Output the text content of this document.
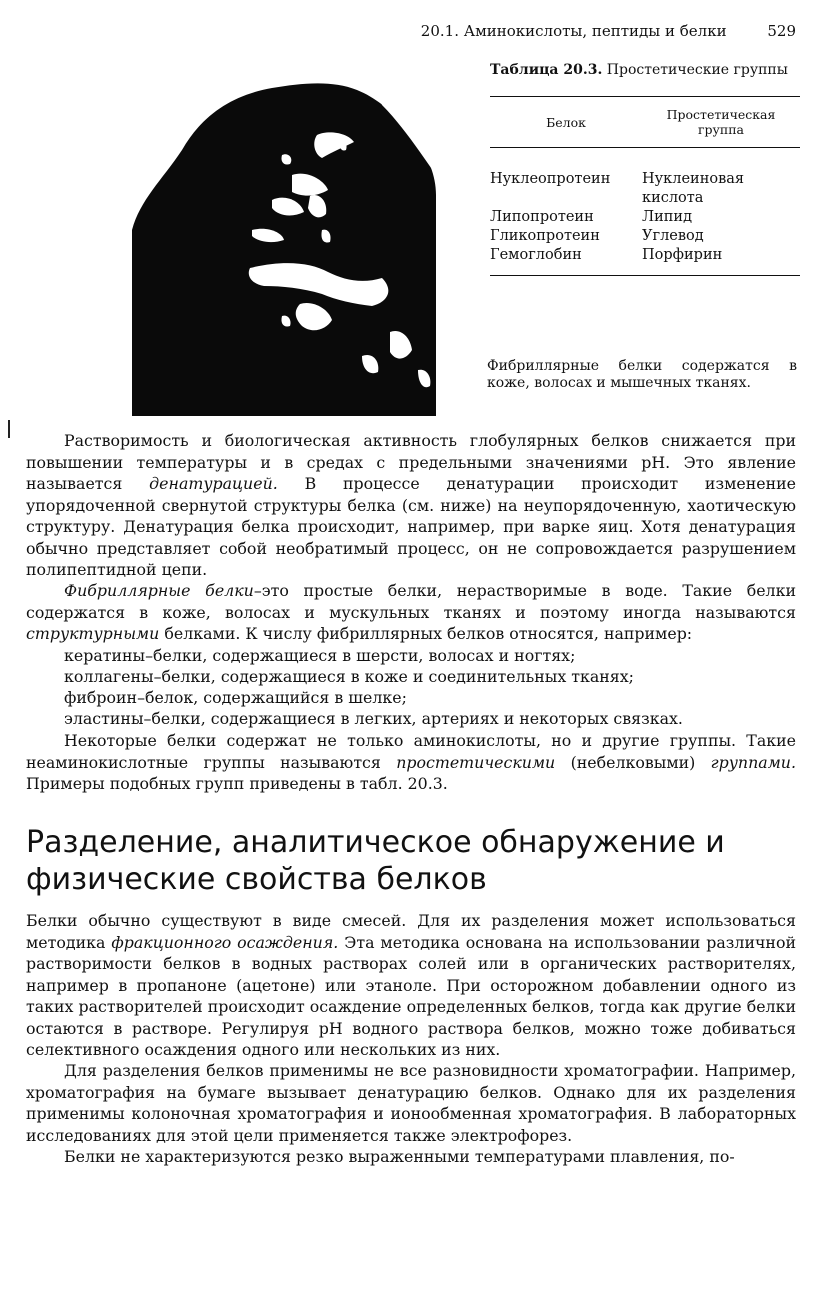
20.1. Аминокислоты, пептиды и белки	529
Таблица 20.3. Простетические группы
Белок	Простетическая группа
Нуклеопротеин	Нуклеиновая кислота
Липопротеин	Липид
Гликопротеин	Углевод
Гемоглобин	Порфирин
Фибриллярные белки содержатся в коже, волосах и мышечных тканях.

Растворимость и биологическая активность глобулярных белков снижается при повышении температуры и в средах с предельными значениями pH. Это явление называется денатурацией. В процессе денатурации происходит изменение упорядоченной свернутой структуры белка (см. ниже) на неупорядоченную, хаотическую структуру. Денатурация белка происходит, например, при варке яиц. Хотя денатурация обычно представляет собой необратимый процесс, он не сопровождается разрушением полипептидной цепи.

Фибриллярные белки–это простые белки, нерастворимые в воде. Такие белки содержатся в коже, волосах и мускульных тканях и поэтому иногда называются структурными белками. К числу фибриллярных белков относятся, например:

кератины–белки, содержащиеся в шерсти, волосах и ногтях;

коллагены–белки, содержащиеся в коже и соединительных тканях;

фиброин–белок, содержащийся в шелке;

эластины–белки, содержащиеся в легких, артериях и некоторых связках.

Некоторые белки содержат не только аминокислоты, но и другие группы. Такие неаминокислотные группы называются простетическими (небелковыми) группами. Примеры подобных групп приведены в табл. 20.3.

Разделение, аналитическое обнаружение и физические свойства белков

Белки обычно существуют в виде смесей. Для их разделения может использоваться методика фракционного осаждения. Эта методика основана на использовании различной растворимости белков в водных растворах солей или в органических растворителях, например в пропаноне (ацетоне) или этаноле. При осторожном добавлении одного из таких растворителей происходит осаждение определенных белков, тогда как другие белки остаются в растворе. Регулируя pH водного раствора белков, можно тоже добиваться селективного осаждения одного или нескольких из них.

Для разделения белков применимы не все разновидности хроматографии. Например, хроматография на бумаге вызывает денатурацию белков. Однако для их разделения применимы колоночная хроматография и ионообменная хроматография. В лабораторных исследованиях для этой цели применяется также электрофорез.

Белки не характеризуются резко выраженными температурами плавления, по-
